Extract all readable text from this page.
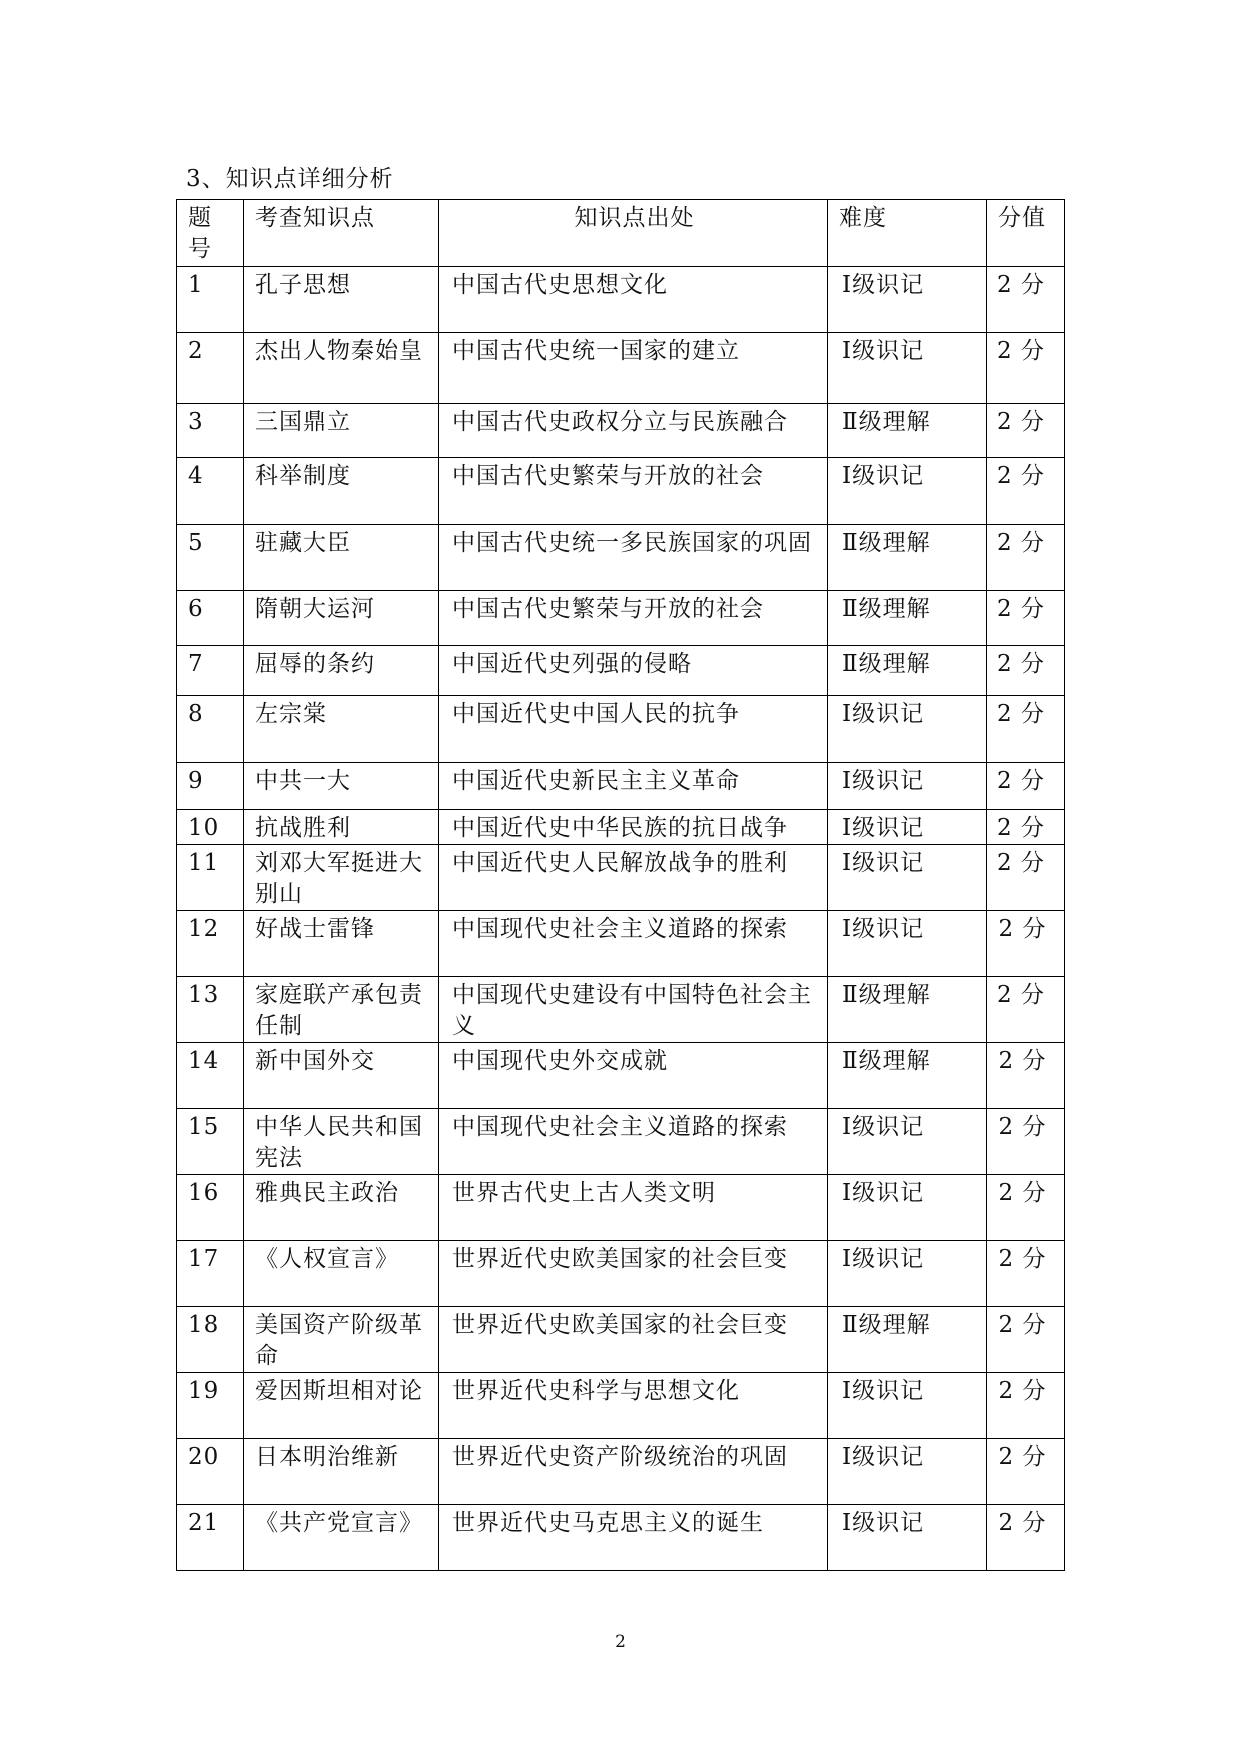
3、知识点详细分析
题号	考查知识点	知识点出处	难度	分值
1	孔子思想	中国古代史思想文化	Ⅰ级识记	2 分
2	杰出人物秦始皇	中国古代史统一国家的建立	Ⅰ级识记	2 分
3	三国鼎立	中国古代史政权分立与民族融合	Ⅱ级理解	2 分
4	科举制度	中国古代史繁荣与开放的社会	Ⅰ级识记	2 分
5	驻藏大臣	中国古代史统一多民族国家的巩固	Ⅱ级理解	2 分
6	隋朝大运河	中国古代史繁荣与开放的社会	Ⅱ级理解	2 分
7	屈辱的条约	中国近代史列强的侵略	Ⅱ级理解	2 分
8	左宗棠	中国近代史中国人民的抗争	Ⅰ级识记	2 分
9	中共一大	中国近代史新民主主义革命	Ⅰ级识记	2 分
10	抗战胜利	中国近代史中华民族的抗日战争	Ⅰ级识记	2 分
11	刘邓大军挺进大别山	中国近代史人民解放战争的胜利	Ⅰ级识记	2 分
12	好战士雷锋	中国现代史社会主义道路的探索	Ⅰ级识记	2 分
13	家庭联产承包责任制	中国现代史建设有中国特色社会主义	Ⅱ级理解	2 分
14	新中国外交	中国现代史外交成就	Ⅱ级理解	2 分
15	中华人民共和国宪法	中国现代史社会主义道路的探索	Ⅰ级识记	2 分
16	雅典民主政治	世界古代史上古人类文明	Ⅰ级识记	2 分
17	《人权宣言》	世界近代史欧美国家的社会巨变	Ⅰ级识记	2 分
18	美国资产阶级革命	世界近代史欧美国家的社会巨变	Ⅱ级理解	2 分
19	爱因斯坦相对论	世界近代史科学与思想文化	Ⅰ级识记	2 分
20	日本明治维新	世界近代史资产阶级统治的巩固	Ⅰ级识记	2 分
21	《共产党宣言》	世界近代史马克思主义的诞生	Ⅰ级识记	2 分
2
